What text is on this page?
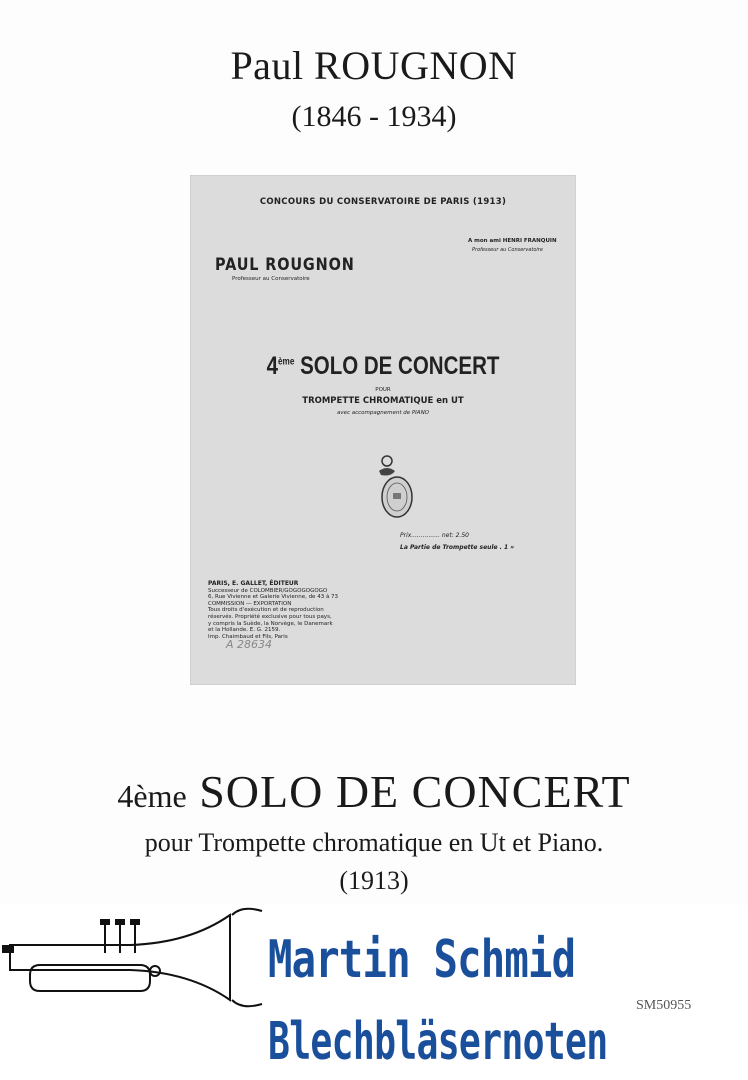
Paul ROUGNON
(1846 - 1934)
CONCOURS DU CONSERVATOIRE DE PARIS (1913)
A mon ami HENRI FRANQUIN
Professeur au Conservatoire
PAUL ROUGNON
Professeur au Conservatoire
4ème SOLO DE CONCERT
POUR
TROMPETTE CHROMATIQUE en UT
avec accompagnement de PIANO
Prix............... net: 2.50
La Partie de Trompette seule . 1 »
PARIS, E. GALLET, ÉDITEUR
Successeur de COLOMBIER/GOGOGOGOGO
6, Rue Vivienne et Galerie Vivienne, de 43 à 73
COMMISSION — EXPORTATION
Tous droits d'exécution et de reproduction
réservés. Propriété exclusive pour tous pays,
y compris la Suède, la Norvège, le Danemark
et la Hollande. E. G. 2159.
Imp. Chaimbaud et Fils, Paris
A 28634
4ème SOLO DE CONCERT
pour Trompette chromatique en Ut et Piano.
(1913)
Martin Schmid
Blechbläsernoten
SM50955
